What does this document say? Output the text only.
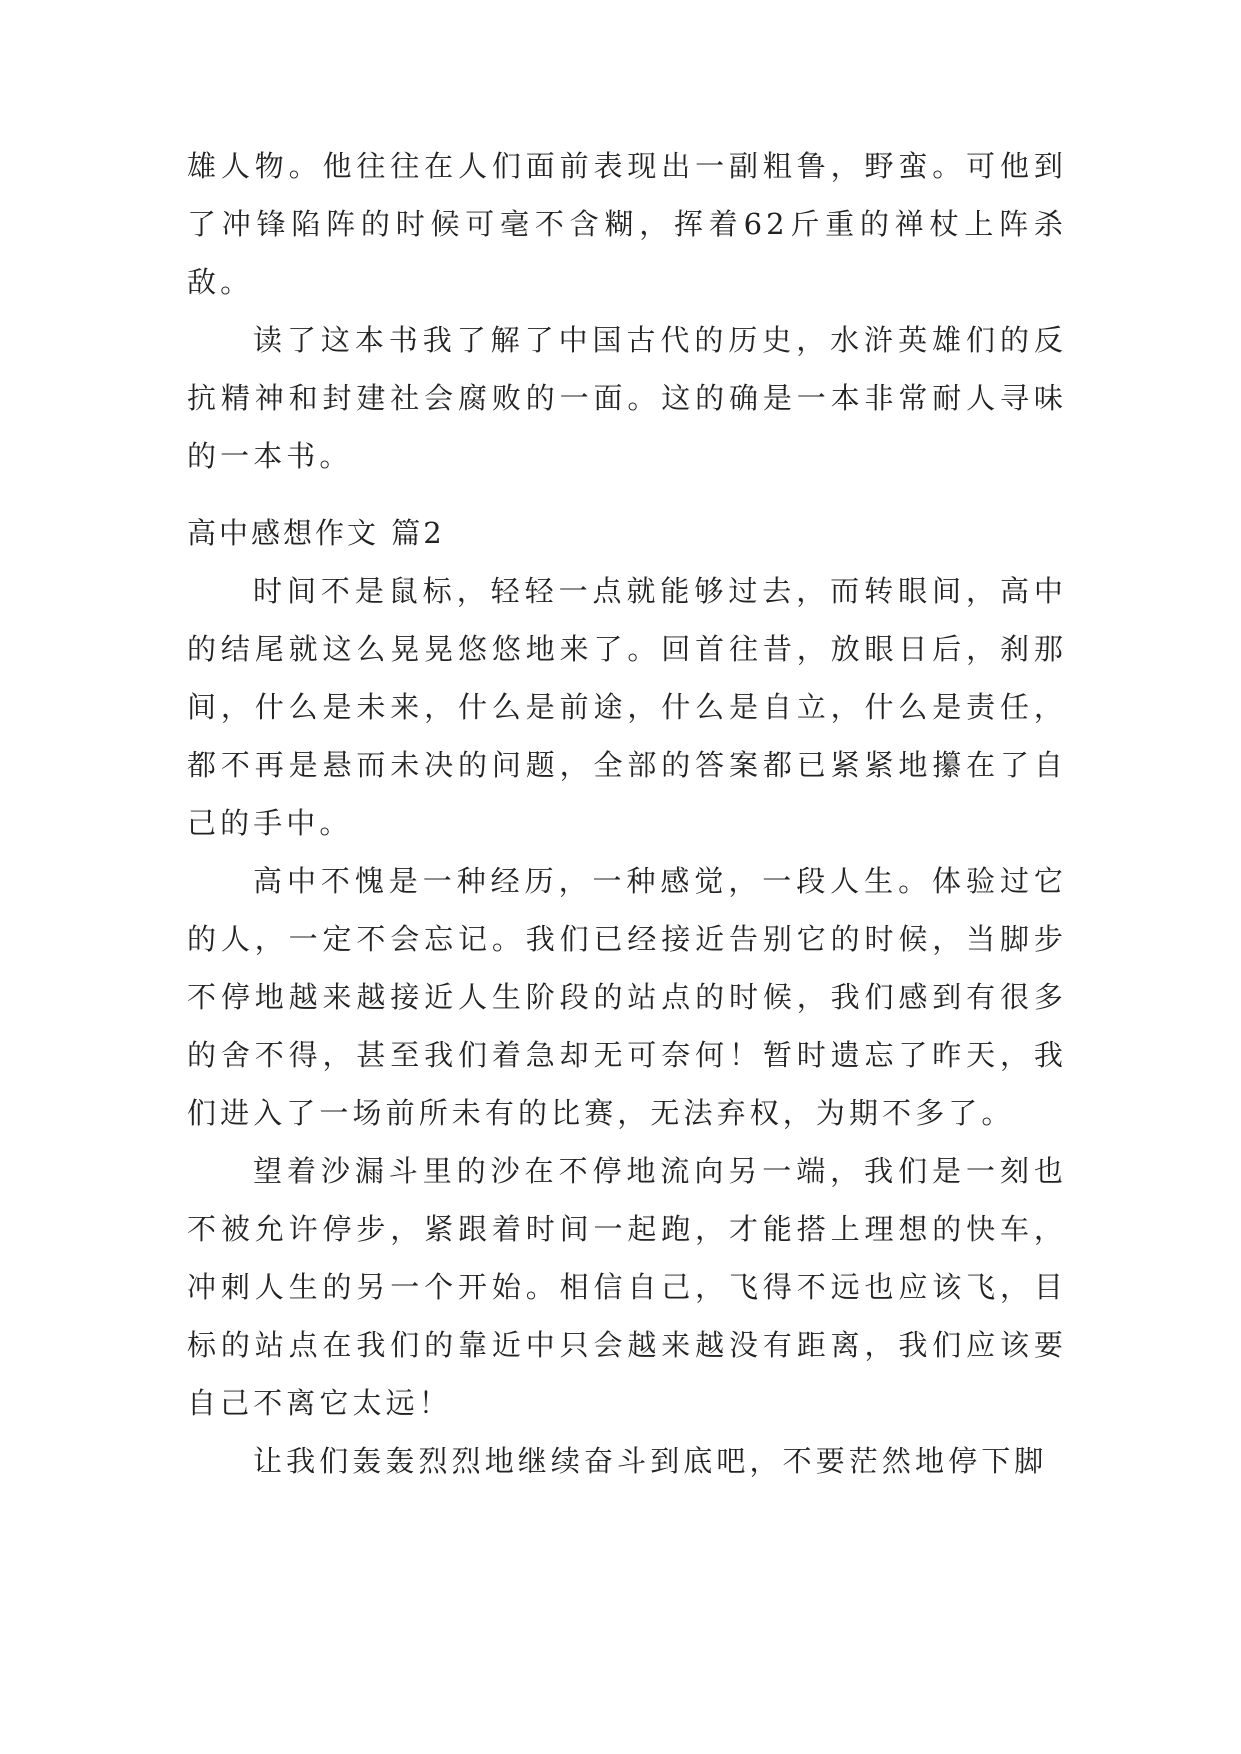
雄人物。他往往在人们面前表现出一副粗鲁，野蛮。可他到了冲锋陷阵的时候可毫不含糊，挥着62斤重的禅杖上阵杀敌。

读了这本书我了解了中国古代的历史，水浒英雄们的反抗精神和封建社会腐败的一面。这的确是一本非常耐人寻味的一本书。

高中感想作文 篇2

时间不是鼠标，轻轻一点就能够过去，而转眼间，高中的结尾就这么晃晃悠悠地来了。回首往昔，放眼日后，刹那间，什么是未来，什么是前途，什么是自立，什么是责任，都不再是悬而未决的问题，全部的答案都已紧紧地攥在了自己的手中。

高中不愧是一种经历，一种感觉，一段人生。体验过它的人，一定不会忘记。我们已经接近告别它的时候，当脚步不停地越来越接近人生阶段的站点的时候，我们感到有很多的舍不得，甚至我们着急却无可奈何！暂时遗忘了昨天，我们进入了一场前所未有的比赛，无法弃权，为期不多了。

望着沙漏斗里的沙在不停地流向另一端，我们是一刻也不被允许停步，紧跟着时间一起跑，才能搭上理想的快车，冲刺人生的另一个开始。相信自己，飞得不远也应该飞，目标的站点在我们的靠近中只会越来越没有距离，我们应该要自己不离它太远！

让我们轰轰烈烈地继续奋斗到底吧，不要茫然地停下脚
